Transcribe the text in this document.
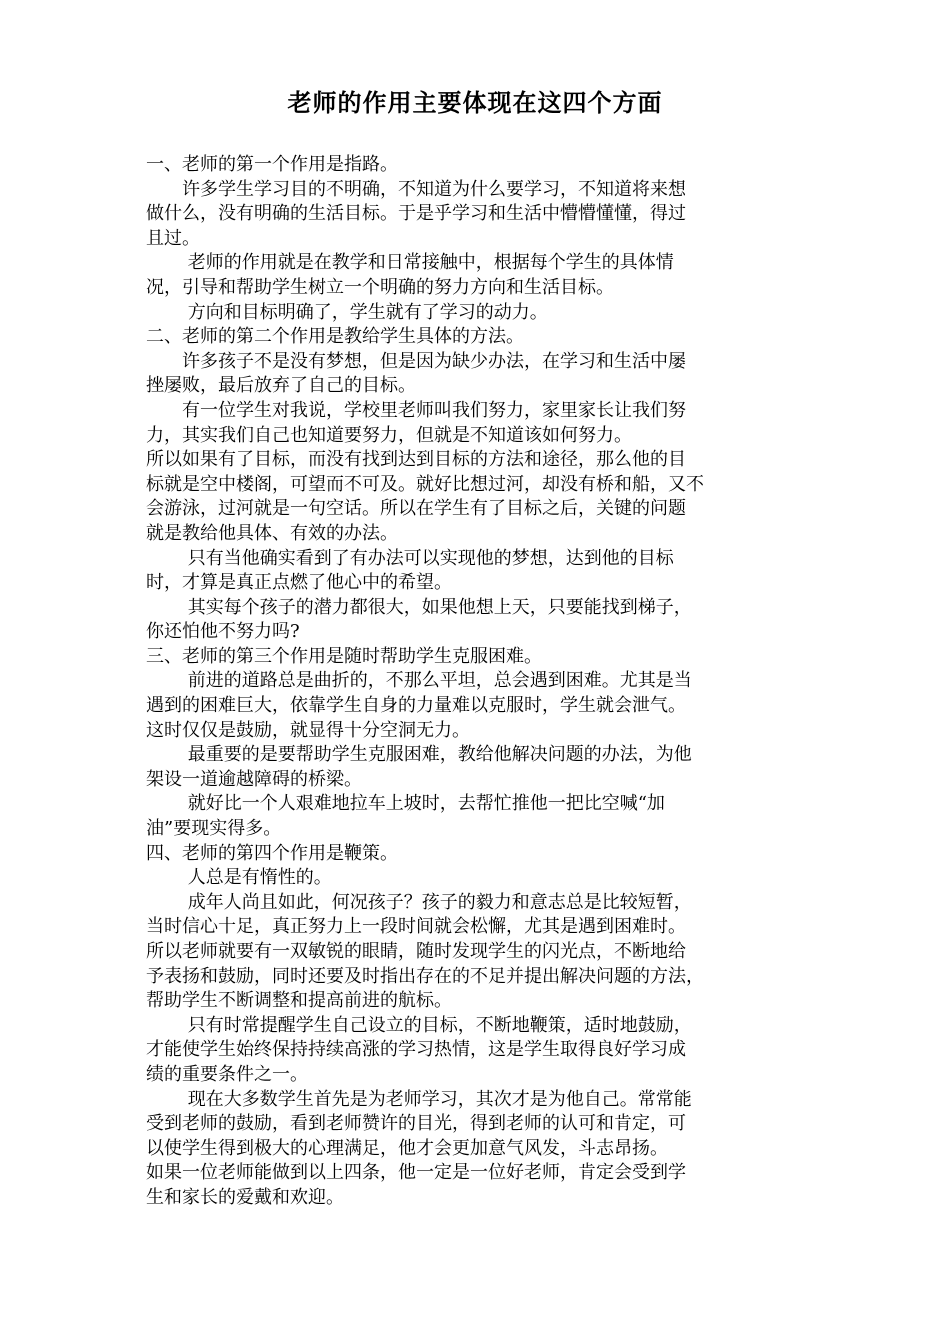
老师的作用主要体现在这四个方面
一、老师的第一个作用是指路。
　　许多学生学习目的不明确，不知道为什么要学习，不知道将来想
做什么，没有明确的生活目标。于是乎学习和生活中懵懵懂懂，得过
且过。
　　 老师的作用就是在教学和日常接触中，根据每个学生的具体情
况，引导和帮助学生树立一个明确的努力方向和生活目标。
　　 方向和目标明确了，学生就有了学习的动力。
二、老师的第二个作用是教给学生具体的方法。
　　许多孩子不是没有梦想，但是因为缺少办法，在学习和生活中屡
挫屡败，最后放弃了自己的目标。
　　有一位学生对我说，学校里老师叫我们努力，家里家长让我们努
力，其实我们自己也知道要努力，但就是不知道该如何努力。
所以如果有了目标，而没有找到达到目标的方法和途径，那么他的目
标就是空中楼阁，可望而不可及。就好比想过河，却没有桥和船，又不
会游泳，过河就是一句空话。所以在学生有了目标之后，关键的问题
就是教给他具体、有效的办法。
　　 只有当他确实看到了有办法可以实现他的梦想，达到他的目标
时，才算是真正点燃了他心中的希望。
　　 其实每个孩子的潜力都很大，如果他想上天，只要能找到梯子，
你还怕他不努力吗?
三、老师的第三个作用是随时帮助学生克服困难。
　　 前进的道路总是曲折的，不那么平坦，总会遇到困难。尤其是当
遇到的困难巨大，依靠学生自身的力量难以克服时，学生就会泄气。
这时仅仅是鼓励，就显得十分空洞无力。
　　 最重要的是要帮助学生克服困难，教给他解决问题的办法，为他
架设一道逾越障碍的桥梁。
　　 就好比一个人艰难地拉车上坡时，去帮忙推他一把比空喊“加
油”要现实得多。
四、老师的第四个作用是鞭策。
　　 人总是有惰性的。
　　 成年人尚且如此，何况孩子？孩子的毅力和意志总是比较短暂，
当时信心十足，真正努力上一段时间就会松懈，尤其是遇到困难时。
所以老师就要有一双敏锐的眼睛，随时发现学生的闪光点，不断地给
予表扬和鼓励，同时还要及时指出存在的不足并提出解决问题的方法，
帮助学生不断调整和提高前进的航标。
　　 只有时常提醒学生自己设立的目标，不断地鞭策，适时地鼓励，
才能使学生始终保持持续高涨的学习热情，这是学生取得良好学习成
绩的重要条件之一。
　　 现在大多数学生首先是为老师学习，其次才是为他自己。常常能
受到老师的鼓励，看到老师赞许的目光，得到老师的认可和肯定，可
以使学生得到极大的心理满足，他才会更加意气风发，斗志昂扬。
如果一位老师能做到以上四条，他一定是一位好老师，肯定会受到学
生和家长的爱戴和欢迎。
